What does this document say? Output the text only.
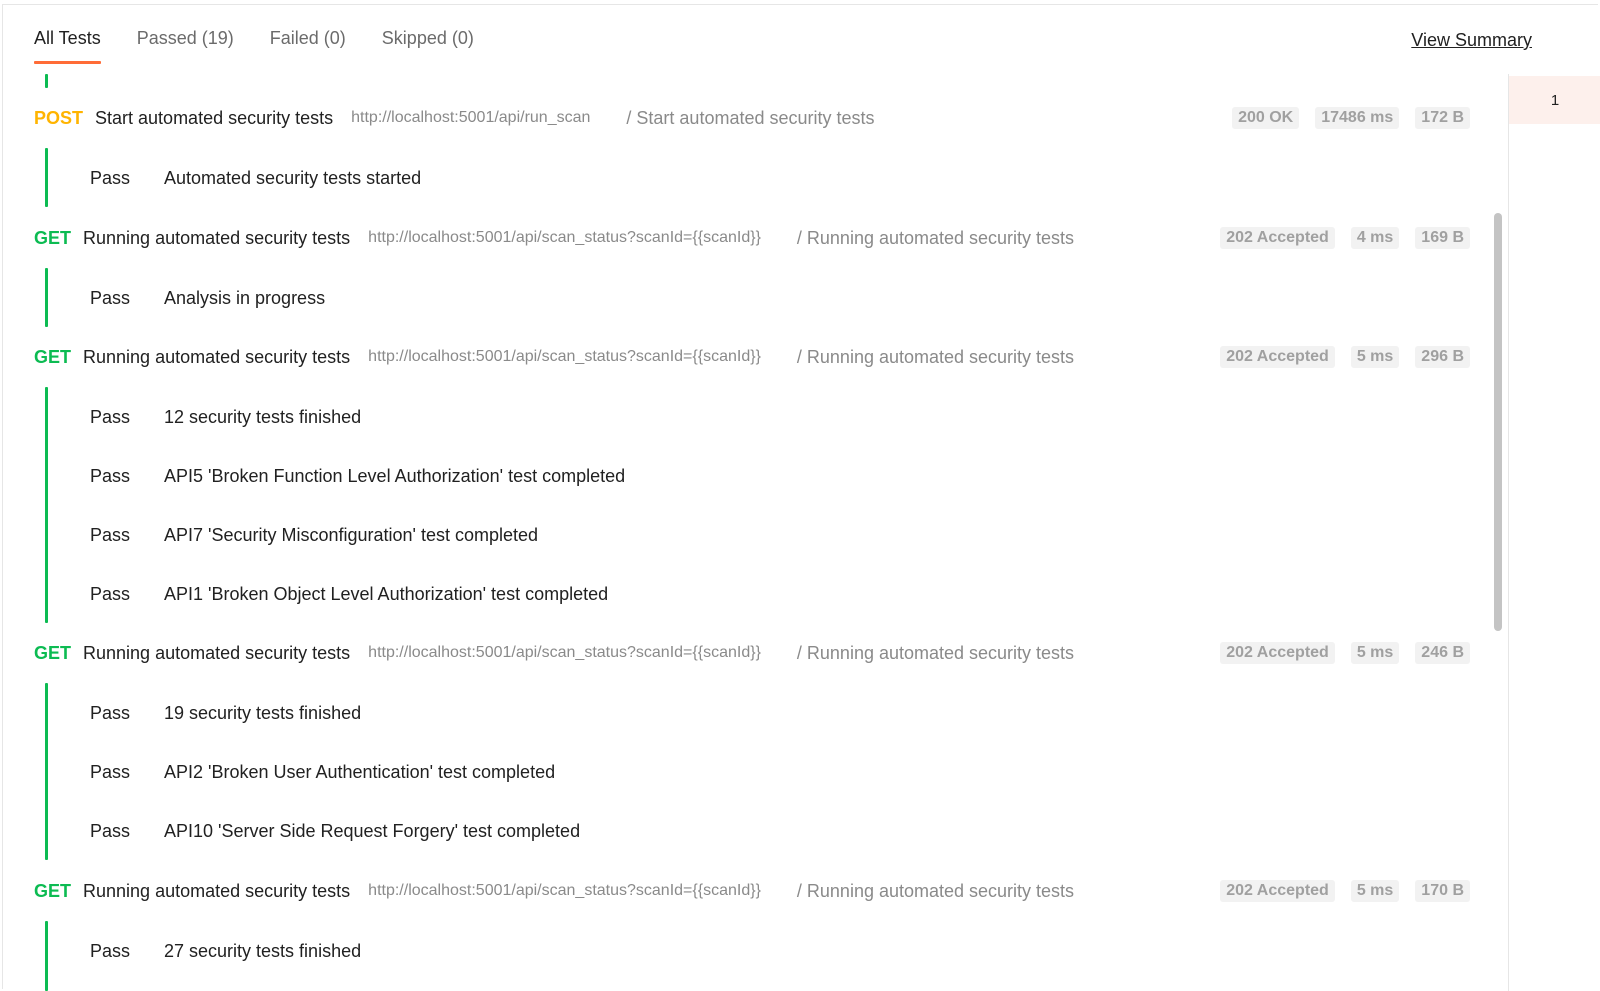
All Tests Passed (19) Failed (0) Skipped (0)	View Summary
POST Start automated security tests http://localhost:5001/api/run_scan / Start automated security tests	200 OK	17486 ms	172 B
Pass	Automated security tests started
GET Running automated security tests http://localhost:5001/api/scan_status?scanId={{scanId}} / Running automated security tests	202 Accepted	4 ms	169 B
Pass	Analysis in progress
GET Running automated security tests http://localhost:5001/api/scan_status?scanId={{scanId}} / Running automated security tests	202 Accepted	5 ms	296 B
Pass	12 security tests finished
Pass	API5 'Broken Function Level Authorization' test completed
Pass	API7 'Security Misconfiguration' test completed
Pass	API1 'Broken Object Level Authorization' test completed
GET Running automated security tests http://localhost:5001/api/scan_status?scanId={{scanId}} / Running automated security tests	202 Accepted	5 ms	246 B
Pass	19 security tests finished
Pass	API2 'Broken User Authentication' test completed
Pass	API10 'Server Side Request Forgery' test completed
GET Running automated security tests http://localhost:5001/api/scan_status?scanId={{scanId}} / Running automated security tests	202 Accepted	5 ms	170 B
Pass	27 security tests finished
1
